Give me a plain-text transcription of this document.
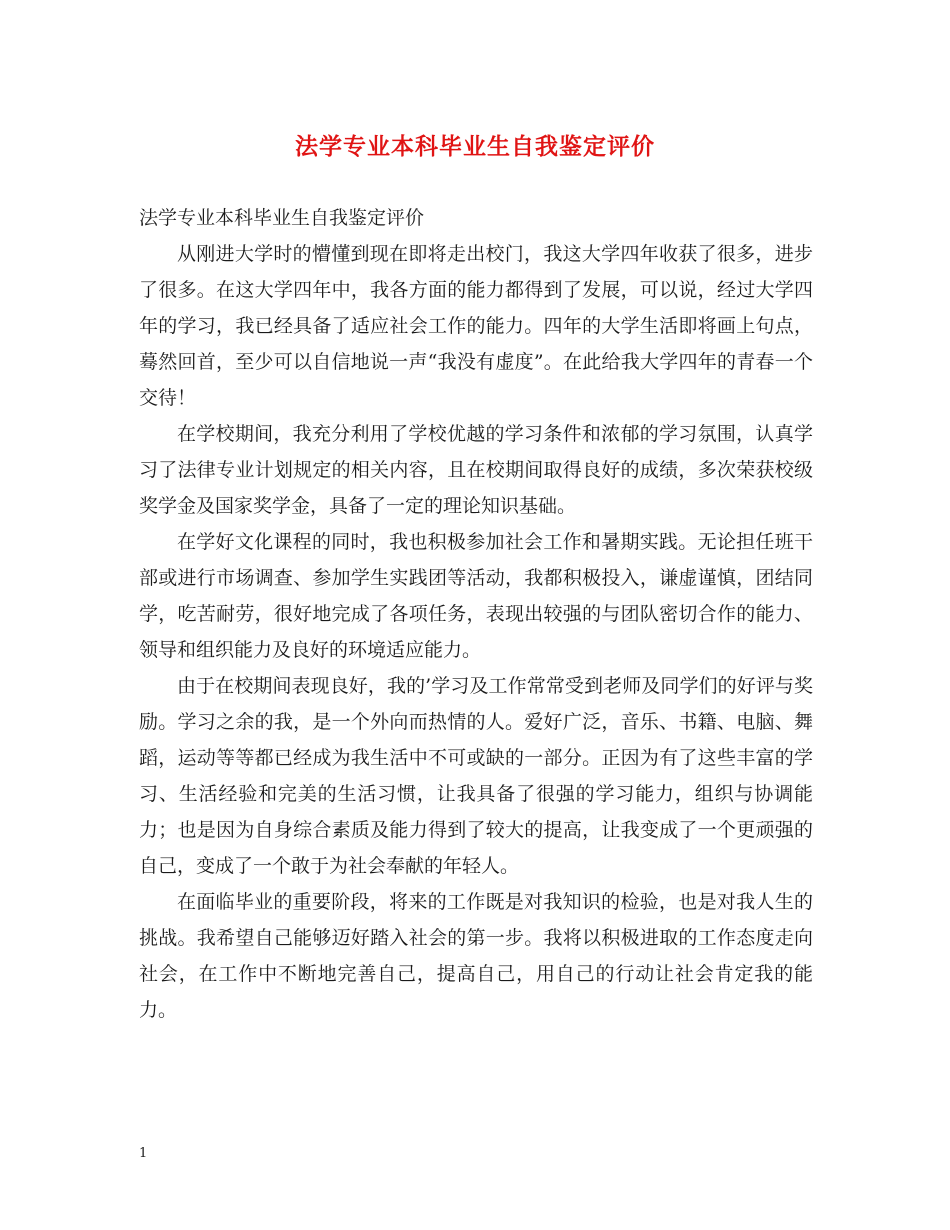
法学专业本科毕业生自我鉴定评价

法学专业本科毕业生自我鉴定评价

从刚进大学时的懵懂到现在即将走出校门，我这大学四年收获了很多，进步了很多。在这大学四年中，我各方面的能力都得到了发展，可以说，经过大学四年的学习，我已经具备了适应社会工作的能力。四年的大学生活即将画上句点，蓦然回首，至少可以自信地说一声“我没有虚度”。在此给我大学四年的青春一个交待！

在学校期间，我充分利用了学校优越的学习条件和浓郁的学习氛围，认真学习了法律专业计划规定的相关内容，且在校期间取得良好的成绩，多次荣获校级奖学金及国家奖学金，具备了一定的理论知识基础。

在学好文化课程的同时，我也积极参加社会工作和暑期实践。无论担任班干部或进行市场调查、参加学生实践团等活动，我都积极投入，谦虚谨慎，团结同学，吃苦耐劳，很好地完成了各项任务，表现出较强的与团队密切合作的能力、领导和组织能力及良好的环境适应能力。

由于在校期间表现良好，我的’学习及工作常常受到老师及同学们的好评与奖励。学习之余的我，是一个外向而热情的人。爱好广泛，音乐、书籍、电脑、舞蹈，运动等等都已经成为我生活中不可或缺的一部分。正因为有了这些丰富的学习、生活经验和完美的生活习惯，让我具备了很强的学习能力，组织与协调能力；也是因为自身综合素质及能力得到了较大的提高，让我变成了一个更顽强的自己，变成了一个敢于为社会奉献的年轻人。

在面临毕业的重要阶段，将来的工作既是对我知识的检验，也是对我人生的挑战。我希望自己能够迈好踏入社会的第一步。我将以积极进取的工作态度走向社会，在工作中不断地完善自己，提高自己，用自己的行动让社会肯定我的能力。

1
